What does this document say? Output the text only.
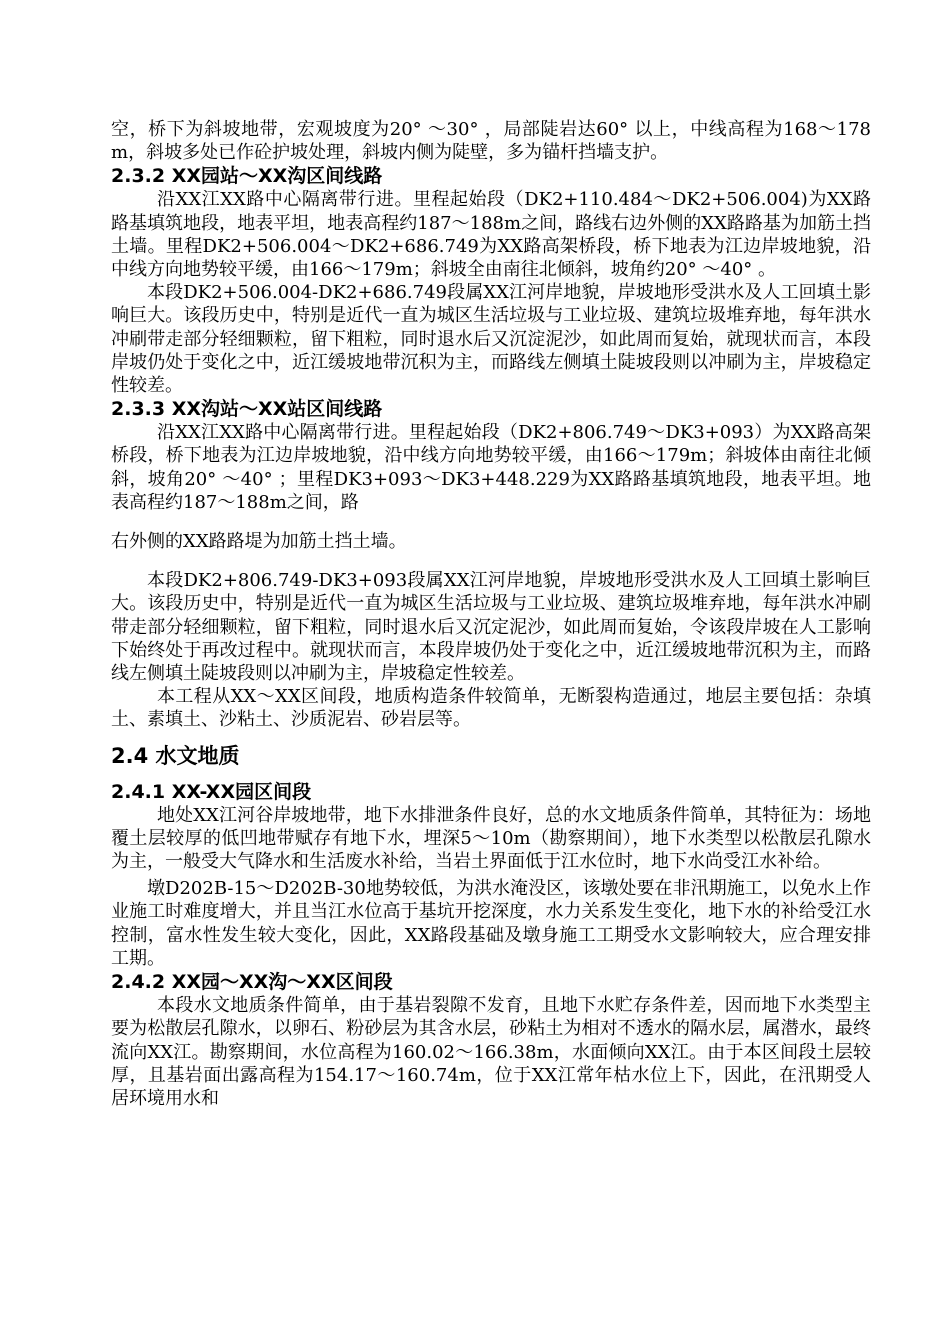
空，桥下为斜坡地带，宏观坡度为20° ～30° ，局部陡岩达60° 以上，中线高程为168～178m，斜坡多处已作砼护坡处理，斜坡内侧为陡壁，多为锚杆挡墙支护。

2.3.2 XX园站～XX沟区间线路

沿XX江XX路中心隔离带行进。里程起始段（DK2+110.484～DK2+506.004)为XX路路基填筑地段，地表平坦，地表高程约187～188m之间，路线右边外侧的XX路路基为加筋土挡土墙。里程DK2+506.004～DK2+686.749为XX路高架桥段，桥下地表为江边岸坡地貌，沿中线方向地势较平缓，由166～179m；斜坡全由南往北倾斜，坡角约20° ～40° 。

本段DK2+506.004-DK2+686.749段属XX江河岸地貌，岸坡地形受洪水及人工回填土影响巨大。该段历史中，特别是近代一直为城区生活垃圾与工业垃圾、建筑垃圾堆弃地，每年洪水冲刷带走部分轻细颗粒，留下粗粒，同时退水后又沉淀泥沙，如此周而复始，就现状而言，本段岸坡仍处于变化之中，近江缓坡地带沉积为主，而路线左侧填土陡坡段则以冲刷为主，岸坡稳定性较差。

2.3.3 XX沟站～XX站区间线路

沿XX江XX路中心隔离带行进。里程起始段（DK2+806.749～DK3+093）为XX路高架桥段，桥下地表为江边岸坡地貌，沿中线方向地势较平缓，由166～179m；斜坡体由南往北倾斜，坡角20° ～40° ；里程DK3+093～DK3+448.229为XX路路基填筑地段，地表平坦。地表高程约187～188m之间，路

右外侧的XX路路堤为加筋土挡土墙。

本段DK2+806.749-DK3+093段属XX江河岸地貌，岸坡地形受洪水及人工回填土影响巨大。该段历史中，特别是近代一直为城区生活垃圾与工业垃圾、建筑垃圾堆弃地，每年洪水冲刷带走部分轻细颗粒，留下粗粒，同时退水后又沉定泥沙，如此周而复始，令该段岸坡在人工影响下始终处于再改过程中。就现状而言，本段岸坡仍处于变化之中，近江缓坡地带沉积为主，而路线左侧填土陡坡段则以冲刷为主，岸坡稳定性较差。

本工程从XX～XX区间段，地质构造条件较简单，无断裂构造通过，地层主要包括：杂填土、素填土、沙粘土、沙质泥岩、砂岩层等。

2.4 水文地质
2.4.1 XX-XX园区间段

地处XX江河谷岸坡地带，地下水排泄条件良好，总的水文地质条件简单，其特征为：场地覆土层较厚的低凹地带赋存有地下水，埋深5～10m（勘察期间），地下水类型以松散层孔隙水为主，一般受大气降水和生活废水补给，当岩土界面低于江水位时，地下水尚受江水补给。

墩D202B-15～D202B-30地势较低，为洪水淹没区，该墩处要在非汛期施工，以免水上作业施工时难度增大，并且当江水位高于基坑开挖深度，水力关系发生变化，地下水的补给受江水控制，富水性发生较大变化，因此，XX路段基础及墩身施工工期受水文影响较大，应合理安排工期。

2.4.2 XX园～XX沟～XX区间段

本段水文地质条件简单，由于基岩裂隙不发育，且地下水贮存条件差，因而地下水类型主要为松散层孔隙水，以卵石、粉砂层为其含水层，砂粘土为相对不透水的隔水层，属潜水，最终流向XX江。勘察期间，水位高程为160.02～166.38m，水面倾向XX江。由于本区间段土层较厚，且基岩面出露高程为154.17～160.74m，位于XX江常年枯水位上下，因此，在汛期受人居环境用水和
